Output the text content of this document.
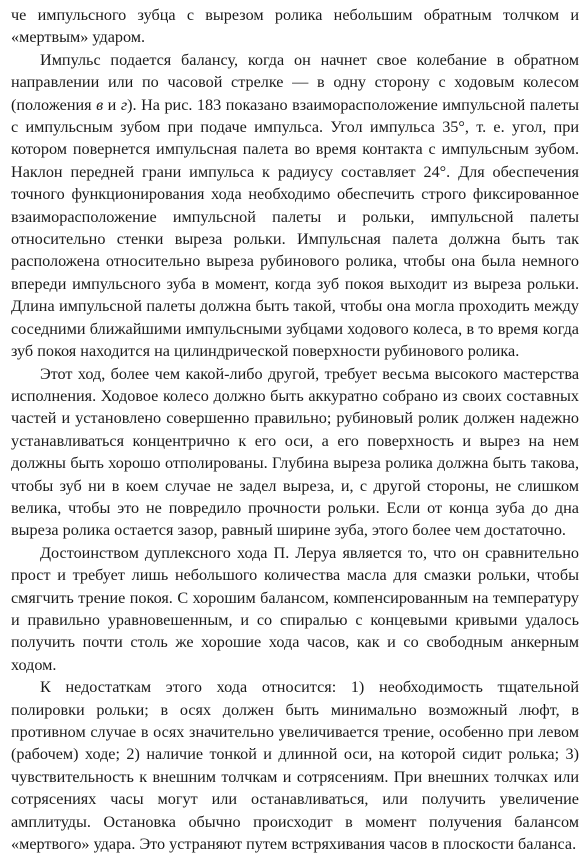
че импульсного зубца с вырезом ролика небольшим обратным толчком и «мертвым» ударом.

Импульс подается балансу, когда он начнет свое колебание в обратном направлении или по часовой стрелке — в одну сторону с ходовым колесом (положения в и г). На рис. 183 показано взаиморасположение импульсной палеты с импульсным зубом при подаче импульса. Угол импульса 35°, т. е. угол, при котором повернется импульсная палета во время контакта с импульсным зубом. Наклон передней грани импульса к радиусу составляет 24°. Для обеспечения точного функционирования хода необходимо обеспечить строго фиксированное взаиморасположение импульсной палеты и рольки, импульсной палеты относительно стенки выреза рольки. Импульсная палета должна быть так расположена относительно выреза рубинового ролика, чтобы она была немного впереди импульсного зуба в момент, когда зуб покоя выходит из выреза рольки. Длина импульсной палеты должна быть такой, чтобы она могла проходить между соседними ближайшими импульсными зубцами ходового колеса, в то время когда зуб покоя находится на цилиндрической поверхности рубинового ролика.

Этот ход, более чем какой-либо другой, требует весьма высокого мастерства исполнения. Ходовое колесо должно быть аккуратно собрано из своих составных частей и установлено совершенно правильно; рубиновый ролик должен надежно устанавливаться концентрично к его оси, а его поверхность и вырез на нем должны быть хорошо отполированы. Глубина выреза ролика должна быть такова, чтобы зуб ни в коем случае не задел выреза, и, с другой стороны, не слишком велика, чтобы это не повредило прочности рольки. Если от конца зуба до дна выреза ролика остается зазор, равный ширине зуба, этого более чем достаточно.

Достоинством дуплексного хода П. Леруа является то, что он сравнительно прост и требует лишь небольшого количества масла для смазки рольки, чтобы смягчить трение покоя. С хорошим балансом, компенсированным на температуру и правильно уравновешенным, и со спиралью с концевыми кривыми удалось получить почти столь же хорошие хода часов, как и со свободным анкерным ходом.

К недостаткам этого хода относится: 1) необходимость тщательной полировки рольки; в осях должен быть минимально возможный люфт, в противном случае в осях значительно увеличивается трение, особенно при левом (рабочем) ходе; 2) наличие тонкой и длинной оси, на которой сидит ролька; 3) чувствительность к внешним толчкам и сотрясениям. При внешних толчках или сотрясениях часы могут или останавливаться, или получить увеличение амплитуды. Остановка обычно происходит в момент получения балансом «мертвого» удара. Это устраняют путем встряхивания часов в плоскости баланса.
